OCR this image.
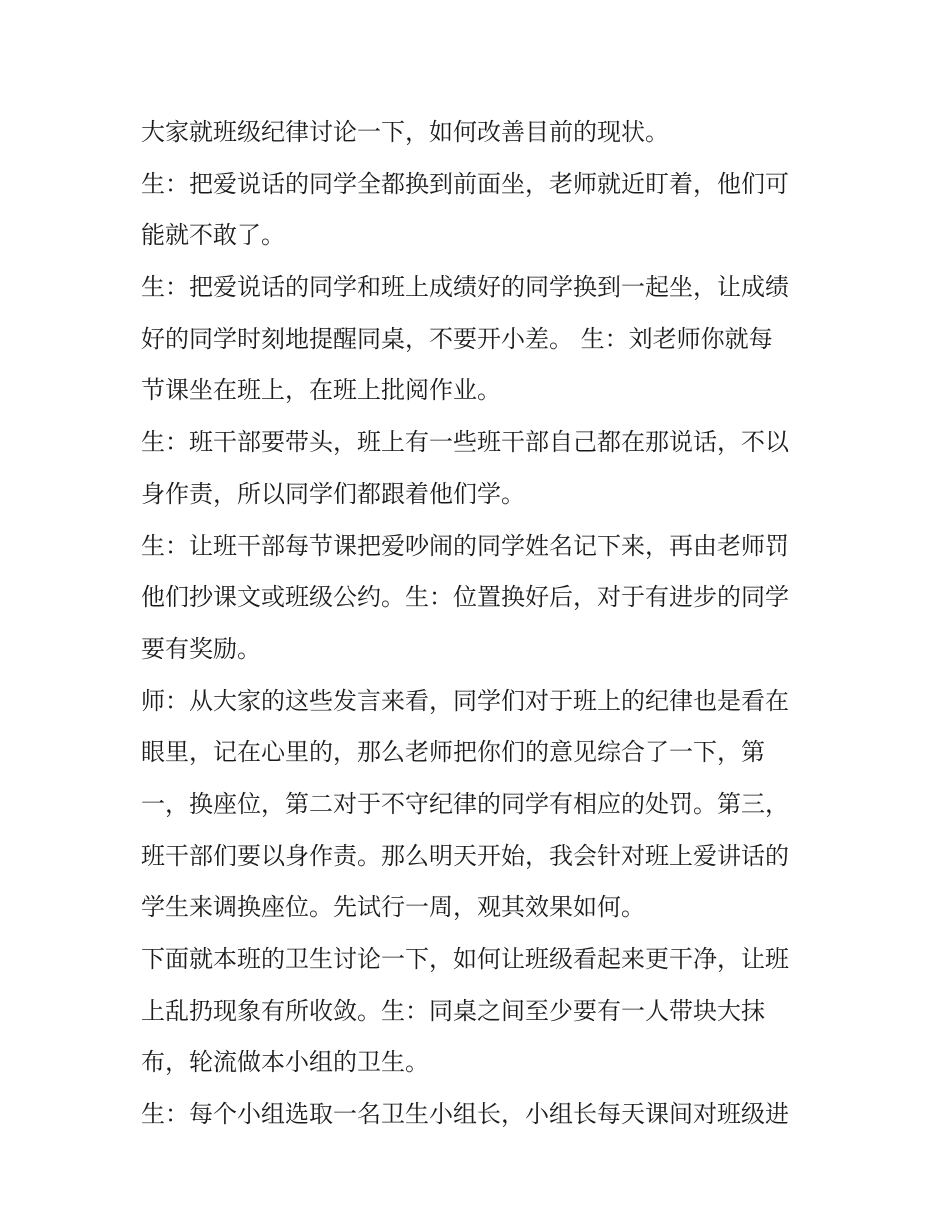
大家就班级纪律讨论一下，如何改善目前的现状。
生：把爱说话的同学全都换到前面坐，老师就近盯着，他们可
能就不敢了。
生：把爱说话的同学和班上成绩好的同学换到一起坐，让成绩
好的同学时刻地提醒同桌，不要开小差。 生：刘老师你就每
节课坐在班上，在班上批阅作业。
生：班干部要带头，班上有一些班干部自己都在那说话，不以
身作责，所以同学们都跟着他们学。
生：让班干部每节课把爱吵闹的同学姓名记下来，再由老师罚
他们抄课文或班级公约。生：位置换好后，对于有进步的同学
要有奖励。
师：从大家的这些发言来看，同学们对于班上的纪律也是看在
眼里，记在心里的，那么老师把你们的意见综合了一下，第
一，换座位，第二对于不守纪律的同学有相应的处罚。第三，
班干部们要以身作责。那么明天开始，我会针对班上爱讲话的
学生来调换座位。先试行一周，观其效果如何。
下面就本班的卫生讨论一下，如何让班级看起来更干净，让班
上乱扔现象有所收敛。生：同桌之间至少要有一人带块大抹
布，轮流做本小组的卫生。
生：每个小组选取一名卫生小组长，小组长每天课间对班级进
